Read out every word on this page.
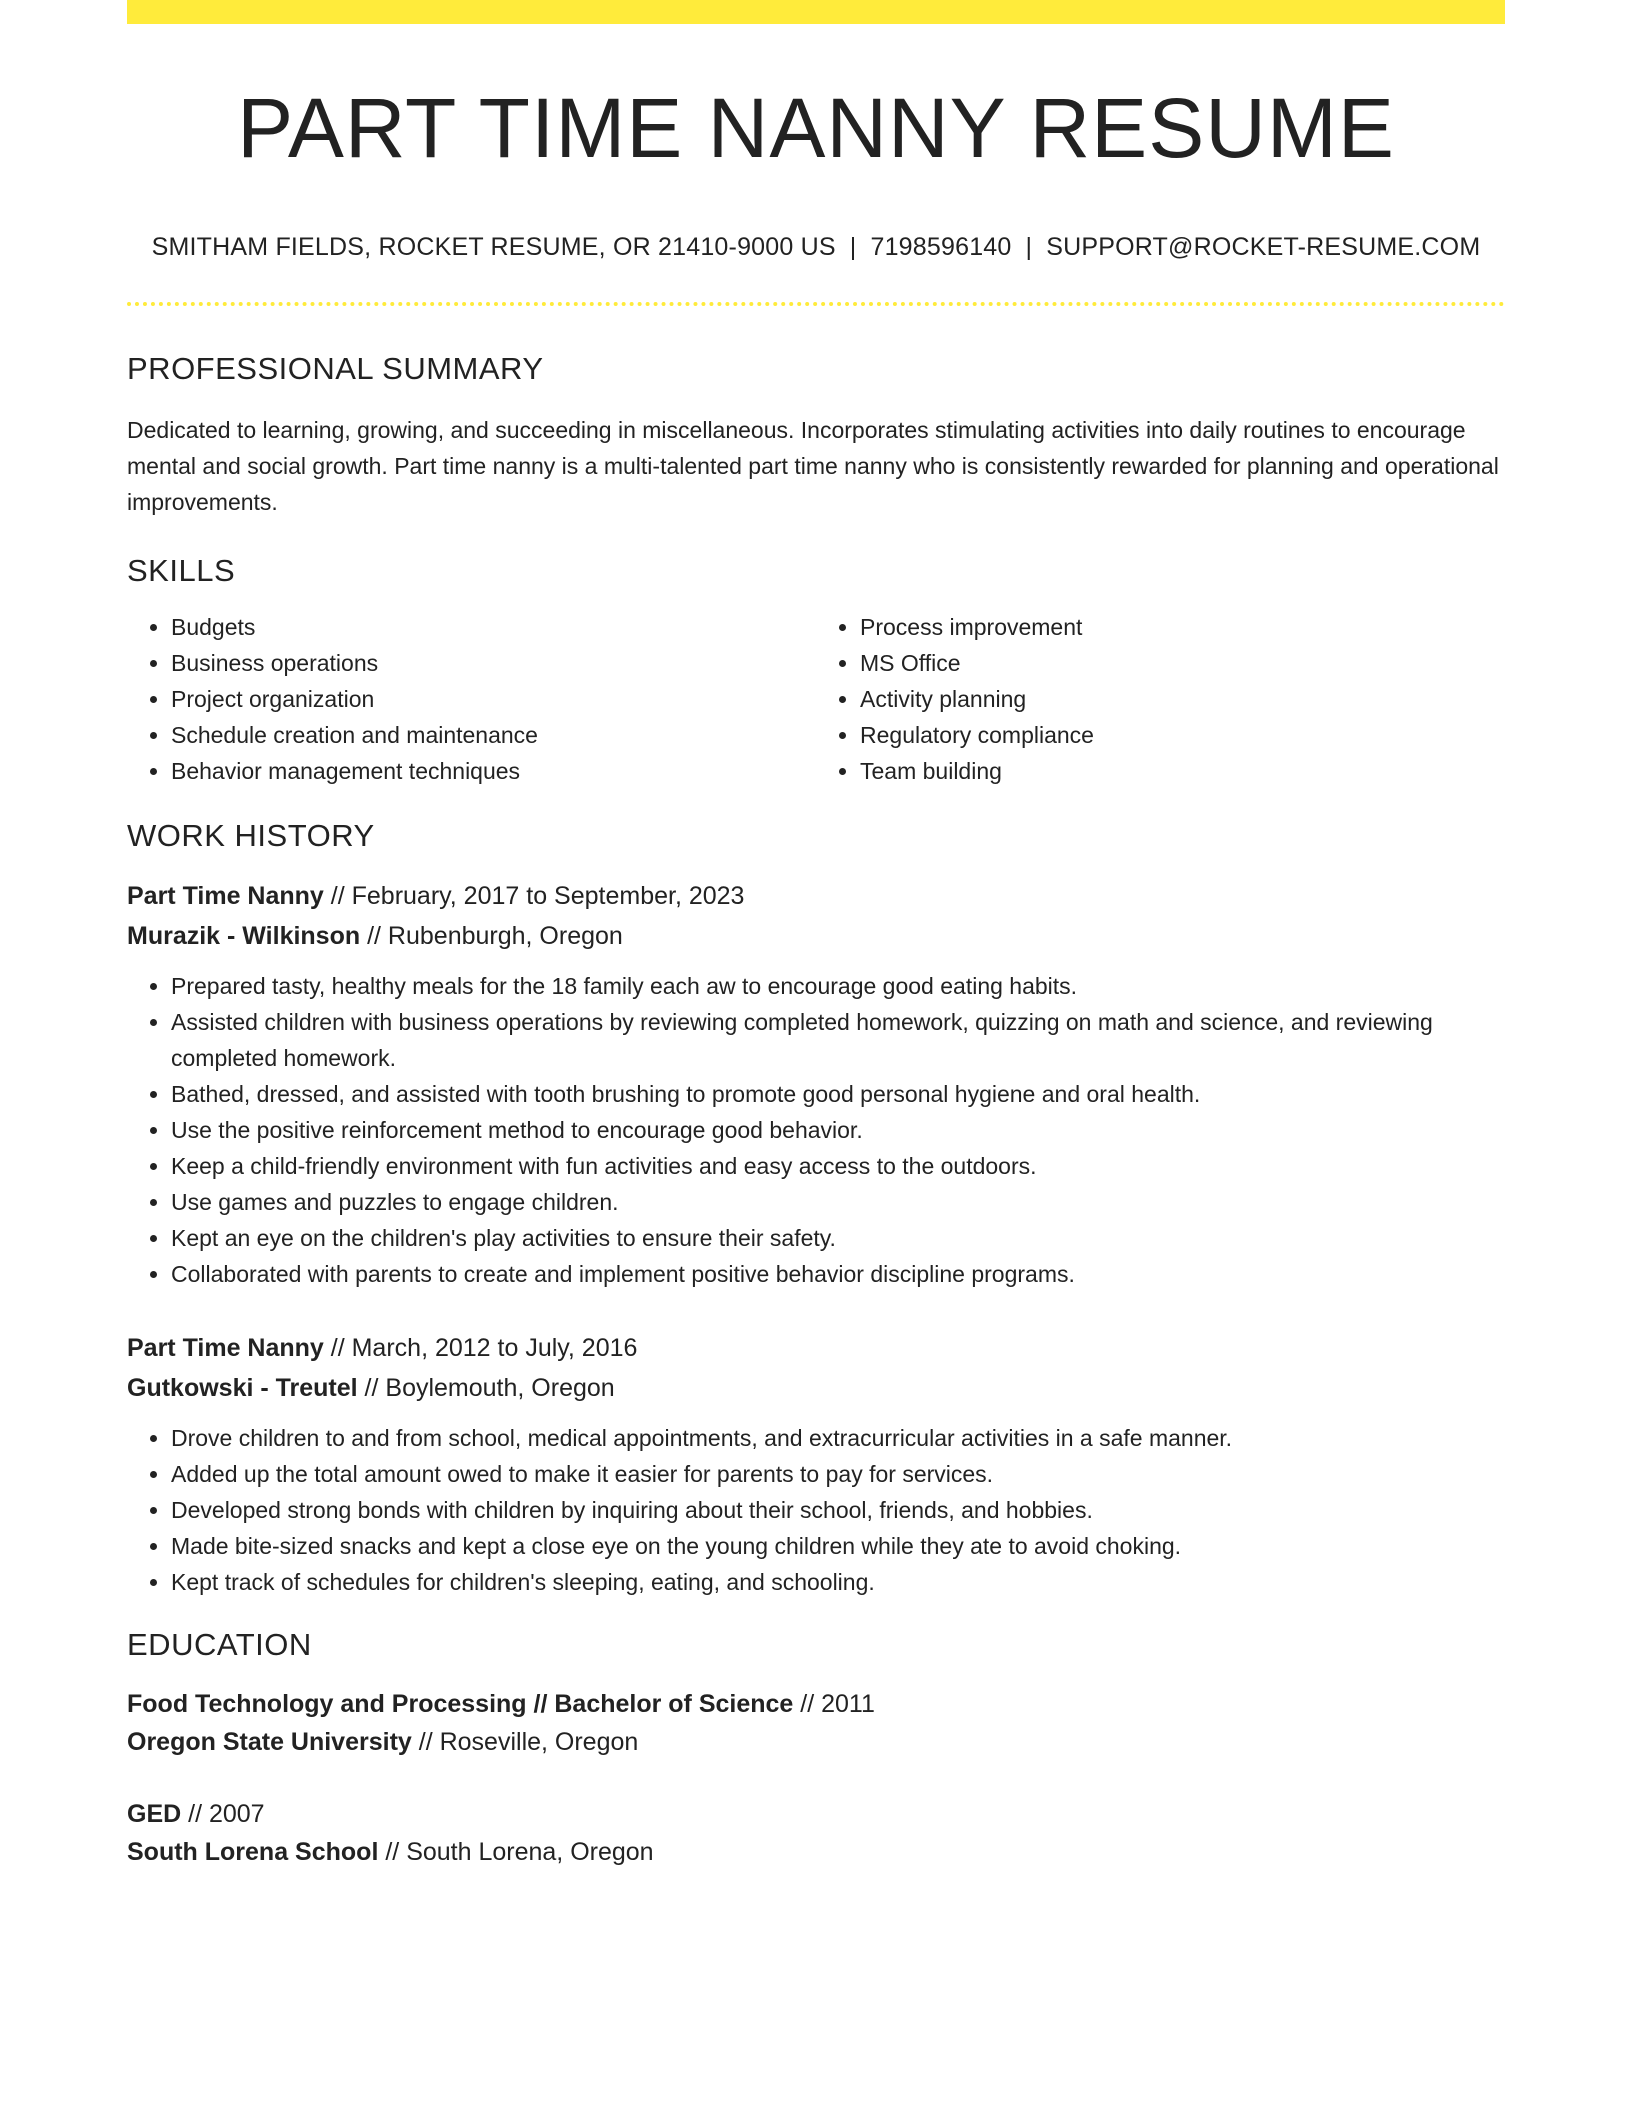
PART TIME NANNY RESUME
SMITHAM FIELDS, ROCKET RESUME, OR 21410-9000 US | 7198596140 | SUPPORT@ROCKET-RESUME.COM
PROFESSIONAL SUMMARY

Dedicated to learning, growing, and succeeding in miscellaneous. Incorporates stimulating activities into daily routines to encourage mental and social growth. Part time nanny is a multi-talented part time nanny who is consistently rewarded for planning and operational improvements.

SKILLS
• Budgets
• Business operations
• Project organization
• Schedule creation and maintenance
• Behavior management techniques
• Process improvement
• MS Office
• Activity planning
• Regulatory compliance
• Team building
WORK HISTORY
Part Time Nanny // February, 2017 to September, 2023
Murazik - Wilkinson // Rubenburgh, Oregon
• Prepared tasty, healthy meals for the 18 family each aw to encourage good eating habits.
• Assisted children with business operations by reviewing completed homework, quizzing on math and science, and reviewing completed homework.
• Bathed, dressed, and assisted with tooth brushing to promote good personal hygiene and oral health.
• Use the positive reinforcement method to encourage good behavior.
• Keep a child-friendly environment with fun activities and easy access to the outdoors.
• Use games and puzzles to engage children.
• Kept an eye on the children's play activities to ensure their safety.
• Collaborated with parents to create and implement positive behavior discipline programs.
Part Time Nanny // March, 2012 to July, 2016
Gutkowski - Treutel // Boylemouth, Oregon
• Drove children to and from school, medical appointments, and extracurricular activities in a safe manner.
• Added up the total amount owed to make it easier for parents to pay for services.
• Developed strong bonds with children by inquiring about their school, friends, and hobbies.
• Made bite-sized snacks and kept a close eye on the young children while they ate to avoid choking.
• Kept track of schedules for children's sleeping, eating, and schooling.
EDUCATION
Food Technology and Processing // Bachelor of Science // 2011
Oregon State University // Roseville, Oregon
GED // 2007
South Lorena School // South Lorena, Oregon
